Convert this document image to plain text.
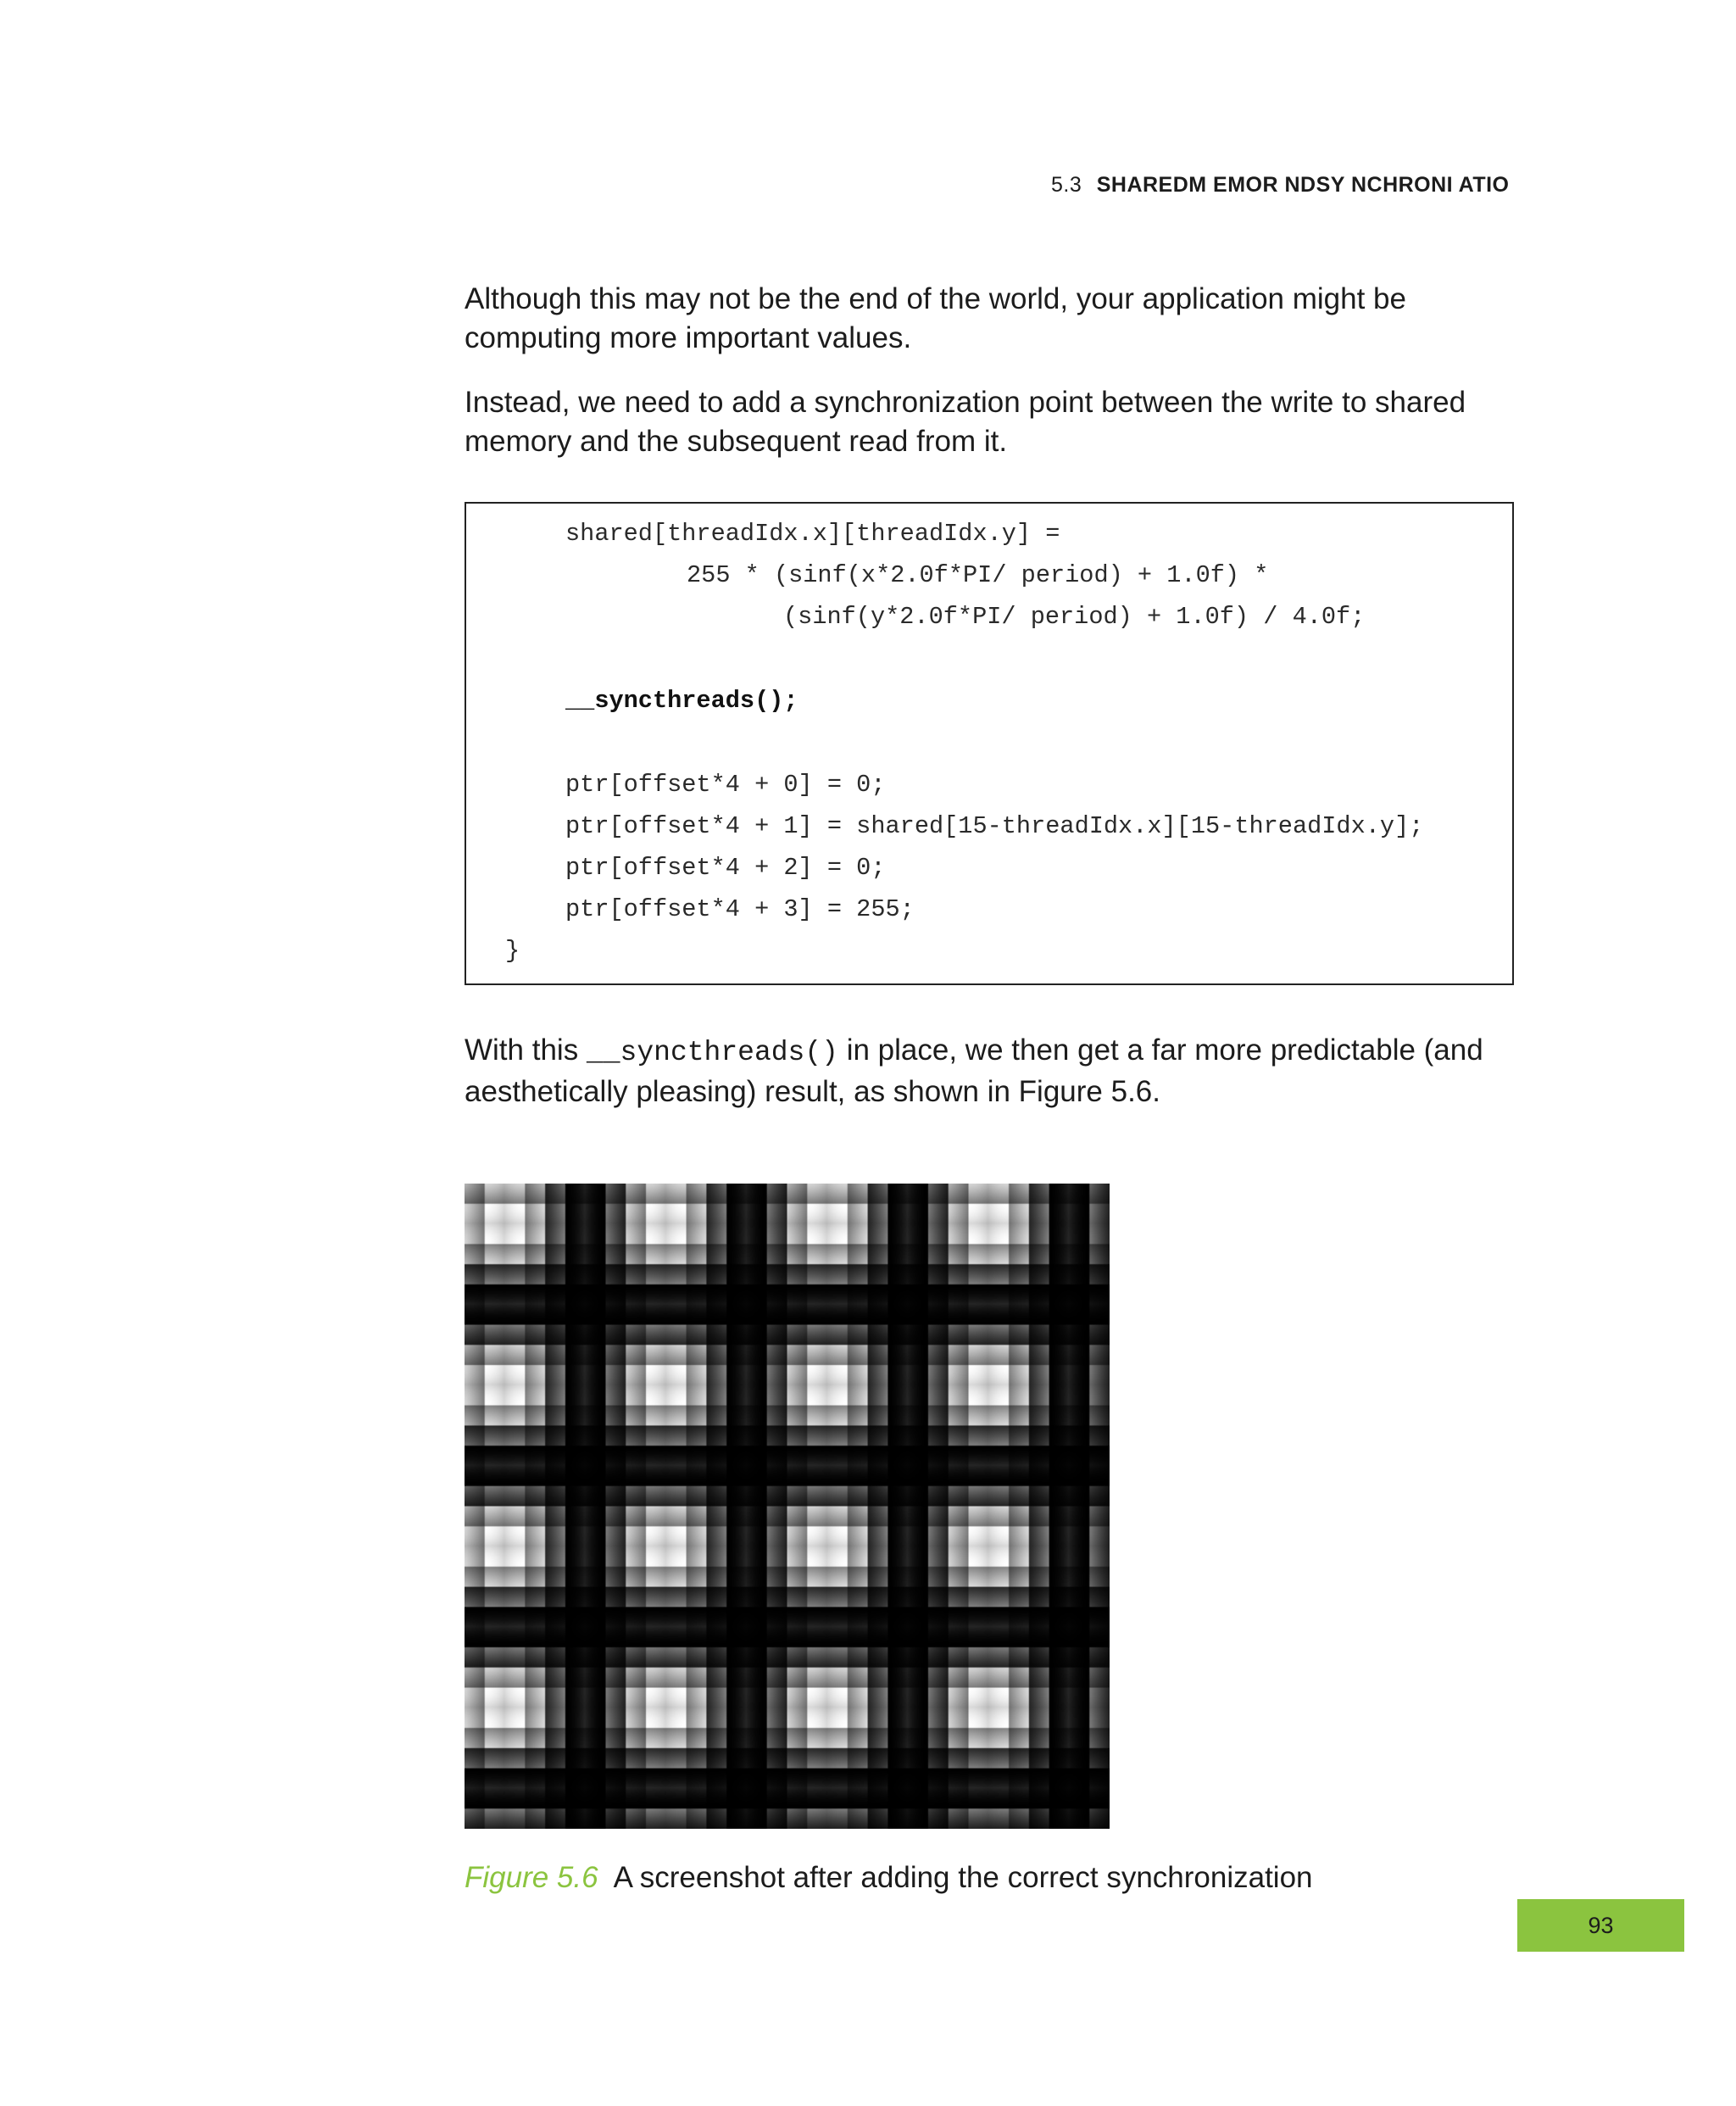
5.3 SHAREDM EMOR NDSY NCHRONI ATIO

Although this may not be the end of the world, your application might be computing more important values.

Instead, we need to add a synchronization point between the write to shared memory and the subsequent read from it.

shared[threadIdx.x][threadIdx.y] =
255 * (sinf(x*2.0f*PI/ period) + 1.0f) *
(sinf(y*2.0f*PI/ period) + 1.0f) / 4.0f;
__syncthreads();
ptr[offset*4 + 0] = 0;
ptr[offset*4 + 1] = shared[15-threadIdx.x][15-threadIdx.y];
ptr[offset*4 + 2] = 0;
ptr[offset*4 + 3] = 255;
}

With this __syncthreads() in place, we then get a far more predictable (and aesthetically pleasing) result, as shown in Figure 5.6.

Figure 5.6 A screenshot after adding the correct synchronization
93
